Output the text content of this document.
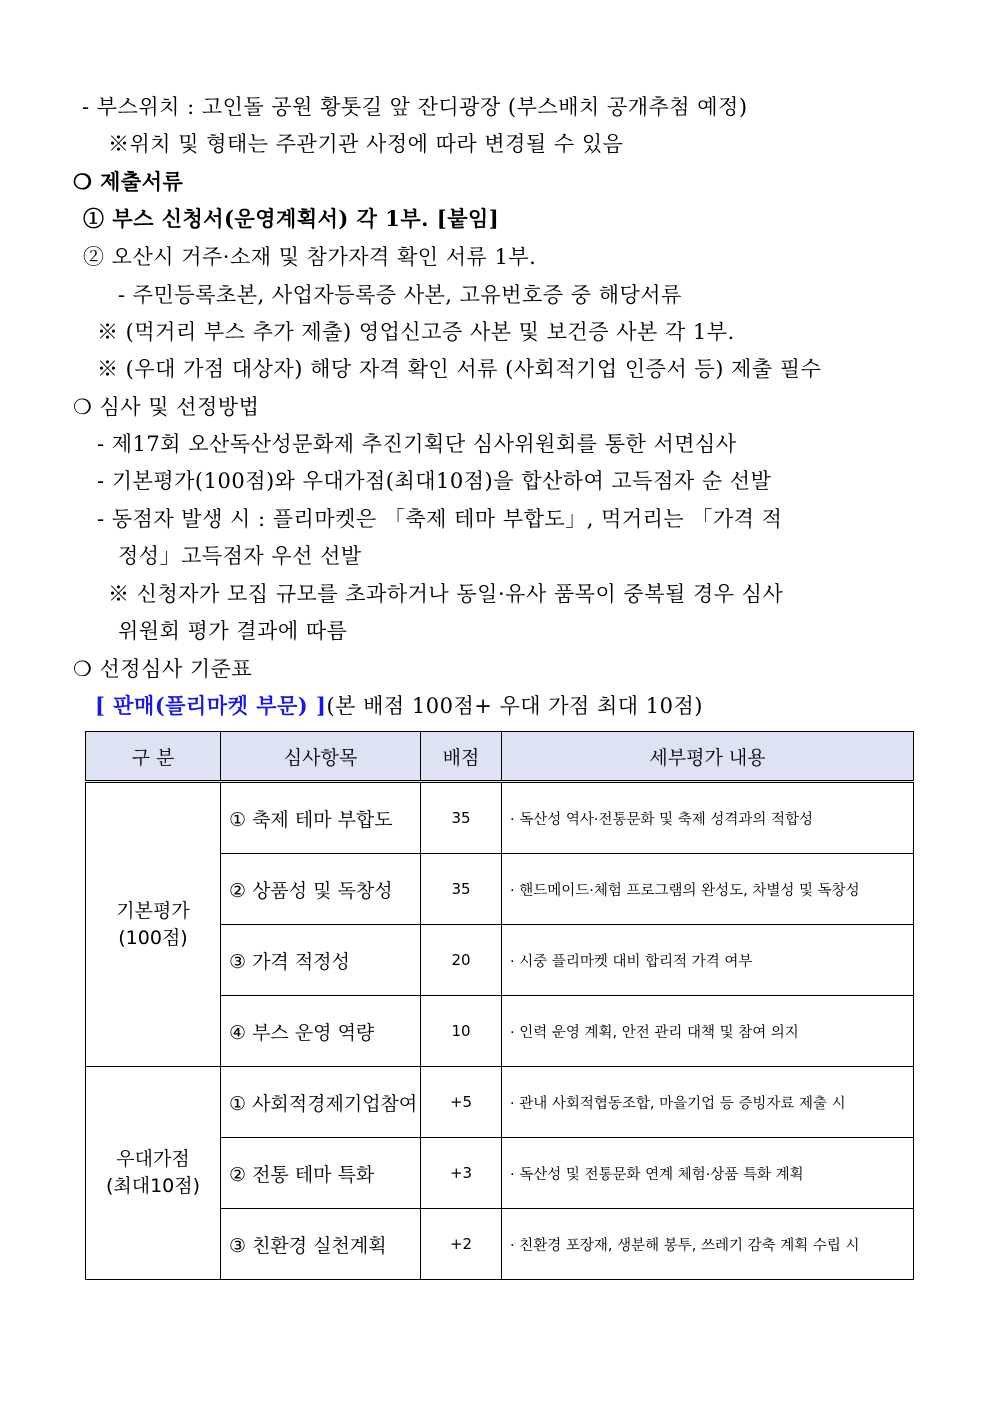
- 부스위치 : 고인돌 공원 황톳길 앞 잔디광장 (부스배치 공개추첨 예정)
※위치 및 형태는 주관기관 사정에 따라 변경될 수 있음
❍ 제출서류
① 부스 신청서(운영계획서) 각 1부. [붙임]
② 오산시 거주·소재 및 참가자격 확인 서류 1부.
- 주민등록초본, 사업자등록증 사본, 고유번호증 중 해당서류
※ (먹거리 부스 추가 제출) 영업신고증 사본 및 보건증 사본 각 1부.
※ (우대 가점 대상자) 해당 자격 확인 서류 (사회적기업 인증서 등) 제출 필수
❍ 심사 및 선정방법
- 제17회 오산독산성문화제 추진기획단 심사위원회를 통한 서면심사
- 기본평가(100점)와 우대가점(최대10점)을 합산하여 고득점자 순 선발
- 동점자 발생 시 : 플리마켓은 「축제 테마 부합도」, 먹거리는 「가격 적
정성」고득점자 우선 선발
※ 신청자가 모집 규모를 초과하거나 동일·유사 품목이 중복될 경우 심사
위원회 평가 결과에 따름
❍ 선정심사 기준표
[ 판매(플리마켓 부문) ](본 배점 100점+ 우대 가점 최대 10점)
구 분	심사항목	배점	세부평가 내용
기본평가
(100점)	① 축제 테마 부합도	35	· 독산성 역사·전통문화 및 축제 성격과의 적합성
	② 상품성 및 독창성	35	· 핸드메이드·체험 프로그램의 완성도, 차별성 및 독창성
	③ 가격 적정성	20	· 시중 플리마켓 대비 합리적 가격 여부
	④ 부스 운영 역량	10	· 인력 운영 계획, 안전 관리 대책 및 참여 의지
우대가점
(최대10점)	① 사회적경제기업참여	+5	· 관내 사회적협동조합, 마을기업 등 증빙자료 제출 시
	② 전통 테마 특화	+3	· 독산성 및 전통문화 연계 체험·상품 특화 계획
	③ 친환경 실천계획	+2	· 친환경 포장재, 생분해 봉투, 쓰레기 감축 계획 수립 시
